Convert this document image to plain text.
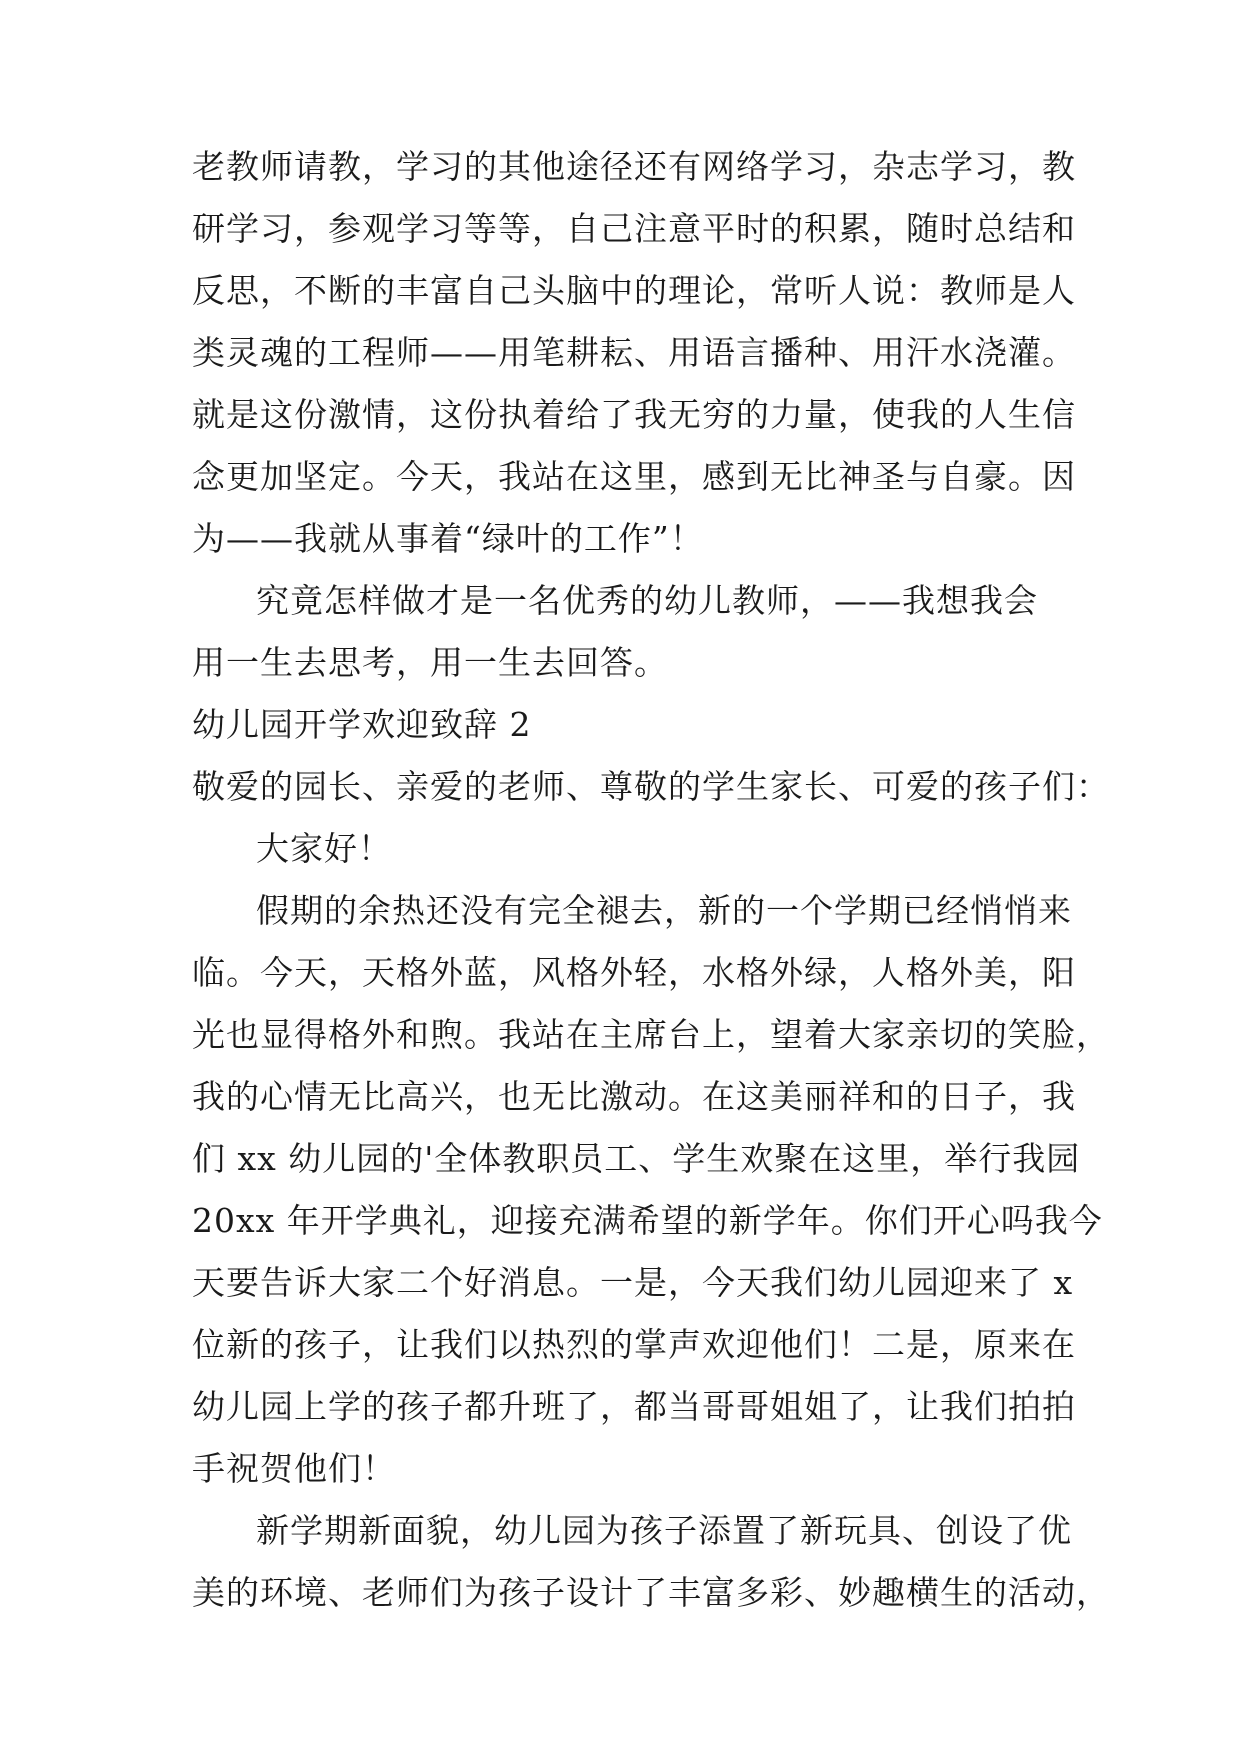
老教师请教，学习的其他途径还有网络学习，杂志学习，教
研学习，参观学习等等，自己注意平时的积累，随时总结和
反思，不断的丰富自己头脑中的理论，常听人说：教师是人
类灵魂的工程师——用笔耕耘、用语言播种、用汗水浇灌。
就是这份激情，这份执着给了我无穷的力量，使我的人生信
念更加坚定。今天，我站在这里，感到无比神圣与自豪。因
为——我就从事着“绿叶的工作”！
究竟怎样做才是一名优秀的幼儿教师，——我想我会
用一生去思考，用一生去回答。
幼儿园开学欢迎致辞 2
敬爱的园长、亲爱的老师、尊敬的学生家长、可爱的孩子们：
大家好！
假期的余热还没有完全褪去，新的一个学期已经悄悄来
临。今天，天格外蓝，风格外轻，水格外绿，人格外美，阳
光也显得格外和煦。我站在主席台上，望着大家亲切的笑脸，
我的心情无比高兴，也无比激动。在这美丽祥和的日子，我
们 xx 幼儿园的'全体教职员工、学生欢聚在这里，举行我园
20xx 年开学典礼，迎接充满希望的新学年。你们开心吗我今
天要告诉大家二个好消息。一是，今天我们幼儿园迎来了 x
位新的孩子，让我们以热烈的掌声欢迎他们！二是，原来在
幼儿园上学的孩子都升班了，都当哥哥姐姐了，让我们拍拍
手祝贺他们！
新学期新面貌，幼儿园为孩子添置了新玩具、创设了优
美的环境、老师们为孩子设计了丰富多彩、妙趣横生的活动，
